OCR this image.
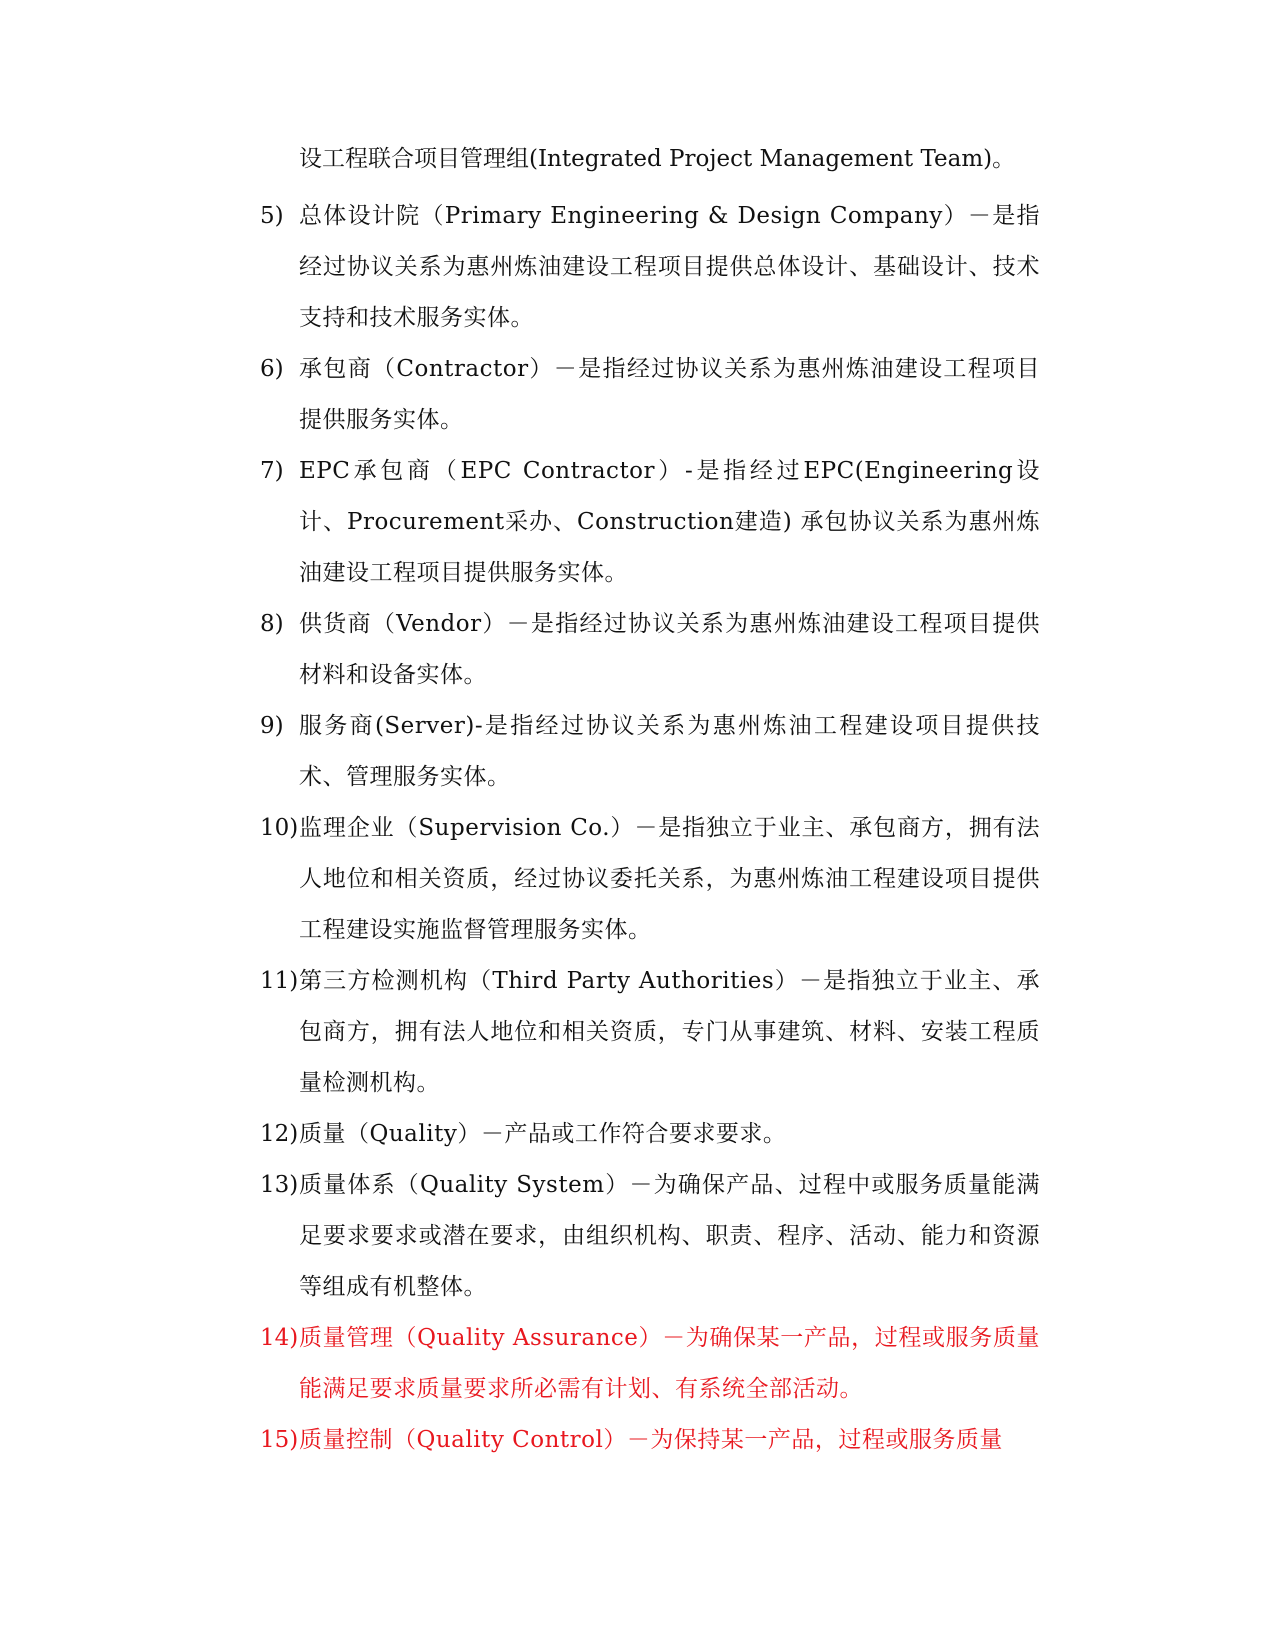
设工程联合项目管理组(Integrated Project Management Team)。
5) 总体设计院（Primary Engineering & Design Company）－是指经过协议关系为惠州炼油建设工程项目提供总体设计、基础设计、技术支持和技术服务实体。
6) 承包商（Contractor）－是指经过协议关系为惠州炼油建设工程项目提供服务实体。
7) EPC承包商（EPC Contractor）-是指经过EPC(Engineering设计、Procurement采办、Construction建造) 承包协议关系为惠州炼油建设工程项目提供服务实体。
8) 供货商（Vendor）－是指经过协议关系为惠州炼油建设工程项目提供材料和设备实体。
9) 服务商(Server)-是指经过协议关系为惠州炼油工程建设项目提供技术、管理服务实体。
10) 监理企业（Supervision Co.）－是指独立于业主、承包商方，拥有法人地位和相关资质，经过协议委托关系，为惠州炼油工程建设项目提供工程建设实施监督管理服务实体。
11) 第三方检测机构（Third Party Authorities）－是指独立于业主、承包商方，拥有法人地位和相关资质，专门从事建筑、材料、安装工程质量检测机构。
12) 质量（Quality）－产品或工作符合要求要求。
13) 质量体系（Quality System）－为确保产品、过程中或服务质量能满足要求要求或潜在要求，由组织机构、职责、程序、活动、能力和资源等组成有机整体。
14) 质量管理（Quality Assurance）－为确保某一产品，过程或服务质量能满足要求质量要求所必需有计划、有系统全部活动。
15) 质量控制（Quality Control）－为保持某一产品，过程或服务质量
